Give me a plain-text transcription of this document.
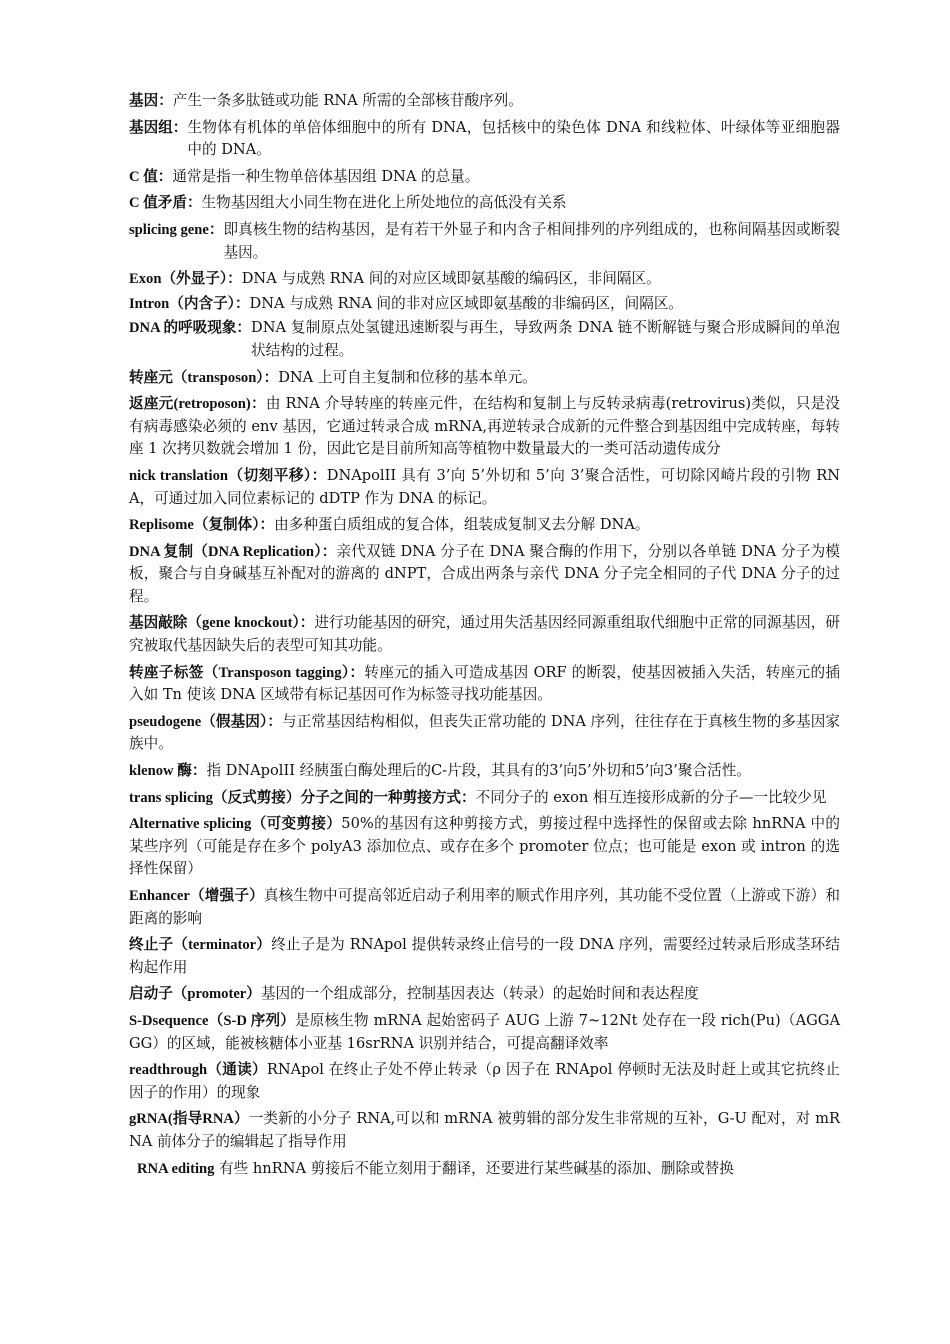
基因： 产生一条多肽链或功能 RNA 所需的全部核苷酸序列。
基因组： 生物体有机体的单倍体细胞中的所有 DNA，包括核中的染色体 DNA 和线粒体、叶绿体等亚细胞器中的 DNA。
C 值： 通常是指一种生物单倍体基因组 DNA 的总量。
C 值矛盾： 生物基因组大小同生物在进化上所处地位的高低没有关系
splicing gene： 即真核生物的结构基因，是有若干外显子和内含子相间排列的序列组成的，也称间隔基因或断裂基因。
Exon（外显子）： DNA 与成熟 RNA 间的对应区域即氨基酸的编码区，非间隔区。
Intron（内含子）： DNA 与成熟 RNA 间的非对应区域即氨基酸的非编码区，间隔区。
DNA 的呼吸现象： DNA 复制原点处氢键迅速断裂与再生，导致两条 DNA 链不断解链与聚合形成瞬间的单泡状结构的过程。
转座元（transposon）： DNA 上可自主复制和位移的基本单元。
返座元(retroposon)：由 RNA 介导转座的转座元件，在结构和复制上与反转录病毒(retrovirus)类似，只是没有病毒感染必须的 env 基因，它通过转录合成 mRNA,再逆转录合成新的元件整合到基因组中完成转座，每转座 1 次拷贝数就会增加 1 份，因此它是目前所知高等植物中数量最大的一类可活动遗传成分
nick translation（切刻平移）：DNApolII 具有 3’向 5’外切和 5’向 3’聚合活性，可切除冈崎片段的引物 RNA，可通过加入同位素标记的 dDTP 作为 DNA 的标记。
Replisome（复制体）：由多种蛋白质组成的复合体，组装成复制叉去分解 DNA。
DNA 复制（DNA Replication）：亲代双链 DNA 分子在 DNA 聚合酶的作用下，分别以各单链 DNA 分子为模板，聚合与自身碱基互补配对的游离的 dNPT，合成出两条与亲代 DNA 分子完全相同的子代 DNA 分子的过程。
基因敲除（gene knockout）：进行功能基因的研究，通过用失活基因经同源重组取代细胞中正常的同源基因，研究被取代基因缺失后的表型可知其功能。
转座子标签（Transposon tagging）：转座元的插入可造成基因 ORF 的断裂，使基因被插入失活，转座元的插入如 Tn 使该 DNA 区域带有标记基因可作为标签寻找功能基因。
pseudogene（假基因）：与正常基因结构相似，但丧失正常功能的 DNA 序列，往往存在于真核生物的多基因家族中。
klenow 酶：指 DNApolII 经胰蛋白酶处理后的C-片段，其具有的3’向5’外切和5’向3’聚合活性。
trans splicing（反式剪接）分子之间的一种剪接方式：不同分子的 exon 相互连接形成新的分子—一比较少见
Alternative splicing（可变剪接）50%的基因有这种剪接方式，剪接过程中选择性的保留或去除 hnRNA 中的某些序列（可能是存在多个 polyA3 添加位点、或存在多个 promoter 位点；也可能是 exon 或 intron 的选择性保留）
Enhancer（增强子）真核生物中可提高邻近启动子利用率的顺式作用序列，其功能不受位置（上游或下游）和距离的影响
终止子（terminator）终止子是为 RNApol 提供转录终止信号的一段 DNA 序列，需要经过转录后形成茎环结构起作用
启动子（promoter）基因的一个组成部分，控制基因表达（转录）的起始时间和表达程度
S-Dsequence（S-D 序列）是原核生物 mRNA 起始密码子 AUG 上游 7~12Nt 处存在一段 rich(Pu)（AGGAGG）的区域，能被核糖体小亚基 16srRNA 识别并结合，可提高翻译效率
readthrough（通读）RNApol 在终止子处不停止转录（ρ 因子在 RNApol 停顿时无法及时赶上或其它抗终止因子的作用）的现象
gRNA(指导RNA）一类新的小分子 RNA,可以和 mRNA 被剪辑的部分发生非常规的互补，G-U 配对，对 mRNA 前体分子的编辑起了指导作用
RNA editing 有些 hnRNA 剪接后不能立刻用于翻译，还要进行某些碱基的添加、删除或替换
